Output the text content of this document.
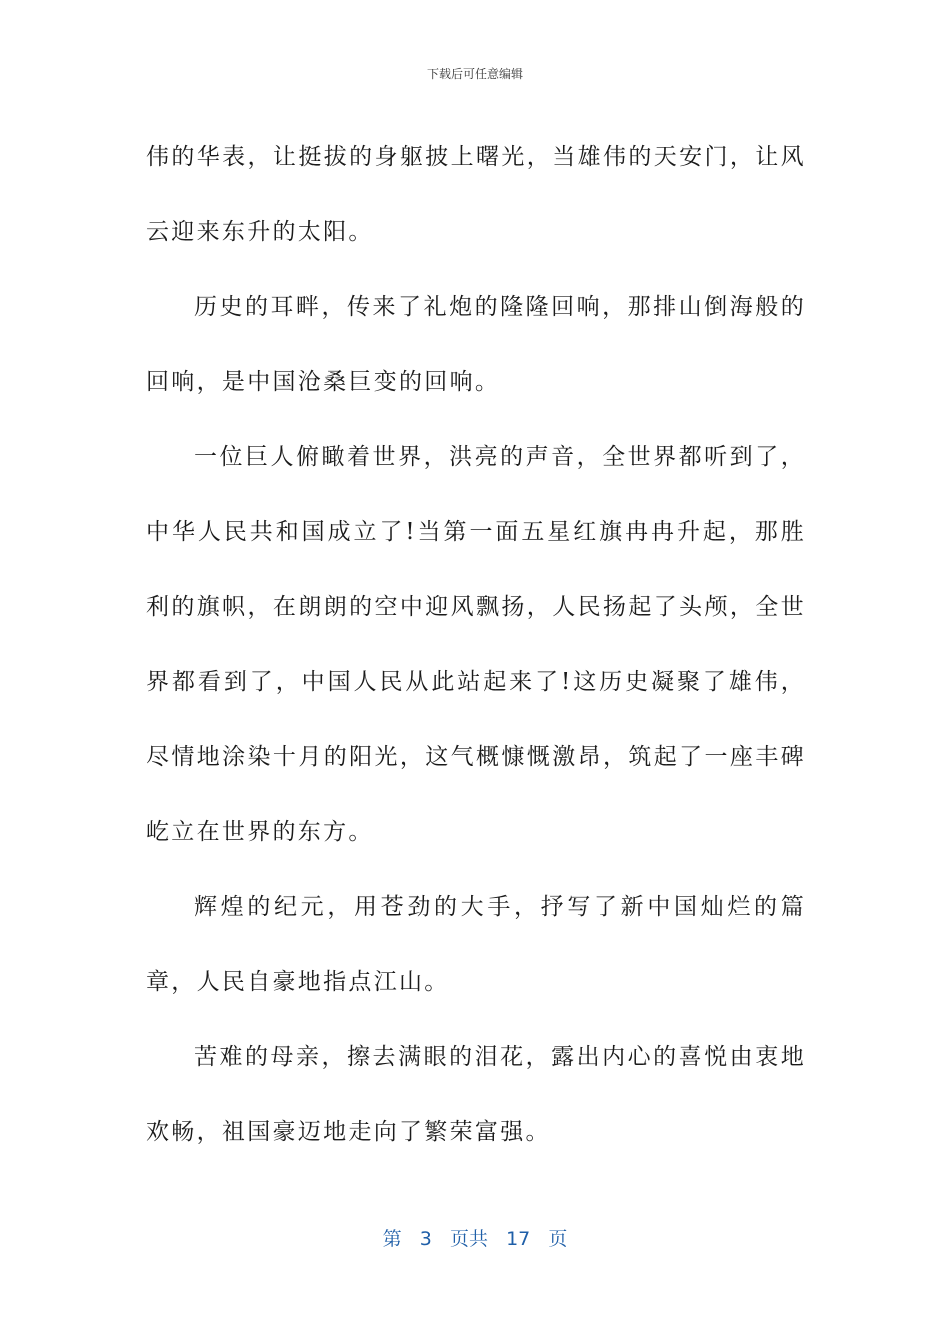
下载后可任意编辑

伟的华表，让挺拔的身躯披上曙光，当雄伟的天安门，让风云迎来东升的太阳。

历史的耳畔，传来了礼炮的隆隆回响，那排山倒海般的回响，是中国沧桑巨变的回响。

一位巨人俯瞰着世界，洪亮的声音，全世界都听到了，中华人民共和国成立了!当第一面五星红旗冉冉升起，那胜利的旗帜，在朗朗的空中迎风飘扬，人民扬起了头颅，全世界都看到了，中国人民从此站起来了!这历史凝聚了雄伟，尽情地涂染十月的阳光，这气概慷慨激昂，筑起了一座丰碑屹立在世界的东方。

辉煌的纪元，用苍劲的大手，抒写了新中国灿烂的篇章，人民自豪地指点江山。

苦难的母亲，擦去满眼的泪花，露出内心的喜悦由衷地欢畅，祖国豪迈地走向了繁荣富强。

第 3 页共 17 页
